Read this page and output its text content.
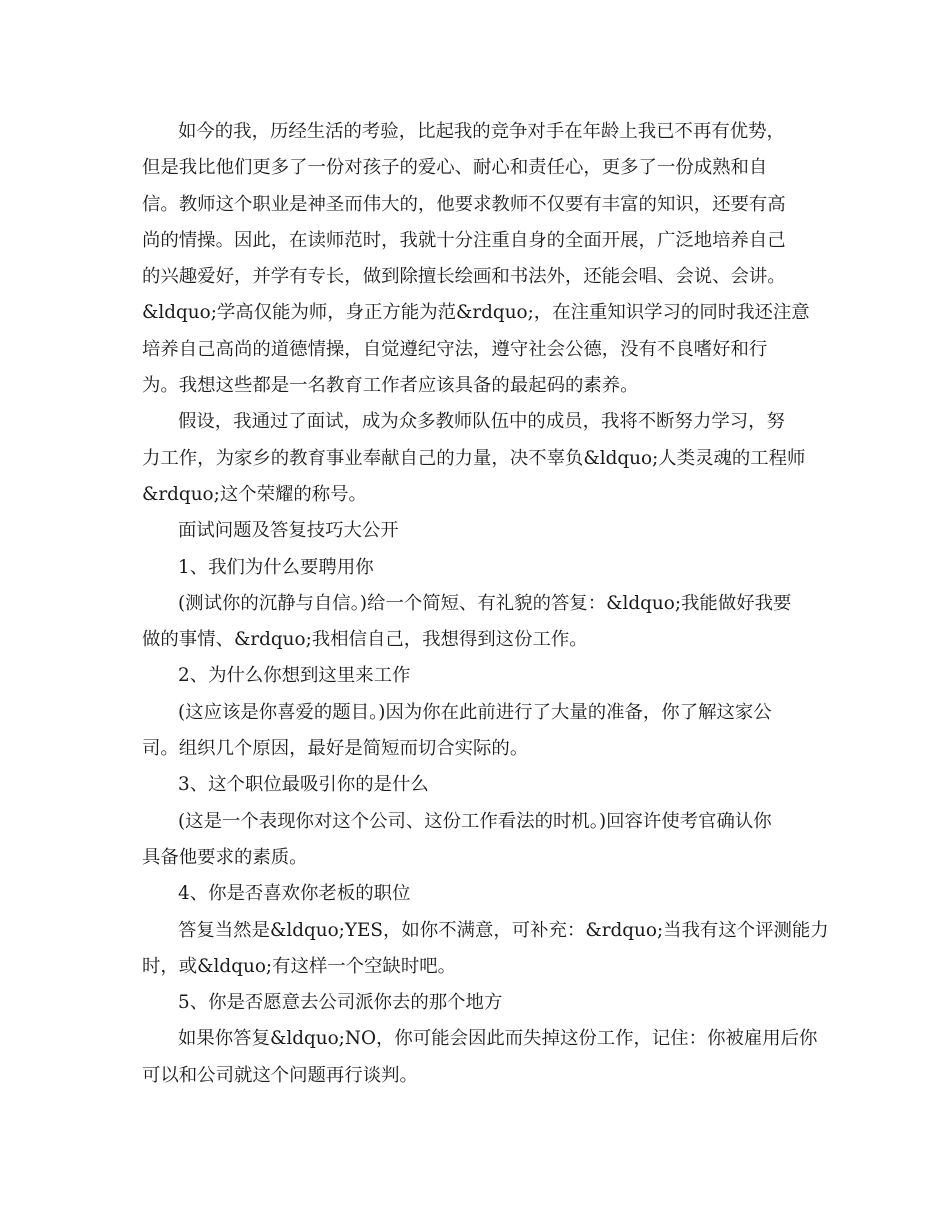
如今的我，历经生活的考验，比起我的竞争对手在年龄上我已不再有优势，
但是我比他们更多了一份对孩子的爱心、耐心和责任心，更多了一份成熟和自
信。教师这个职业是神圣而伟大的，他要求教师不仅要有丰富的知识，还要有高
尚的情操。因此，在读师范时，我就十分注重自身的全面开展，广泛地培养自己
的兴趣爱好，并学有专长，做到除擅长绘画和书法外，还能会唱、会说、会讲。
&ldquo;学高仅能为师，身正方能为范&rdquo;，在注重知识学习的同时我还注意
培养自己高尚的道德情操，自觉遵纪守法，遵守社会公德，没有不良嗜好和行
为。我想这些都是一名教育工作者应该具备的最起码的素养。
假设，我通过了面试，成为众多教师队伍中的成员，我将不断努力学习，努
力工作，为家乡的教育事业奉献自己的力量，决不辜负&ldquo;人类灵魂的工程师
&rdquo;这个荣耀的称号。
面试问题及答复技巧大公开
1、我们为什么要聘用你
(测试你的沉静与自信。)给一个简短、有礼貌的答复：&ldquo;我能做好我要
做的事情、&rdquo;我相信自己，我想得到这份工作。
2、为什么你想到这里来工作
(这应该是你喜爱的题目。)因为你在此前进行了大量的准备，你了解这家公
司。组织几个原因，最好是简短而切合实际的。
3、这个职位最吸引你的是什么
(这是一个表现你对这个公司、这份工作看法的时机。)回容许使考官确认你
具备他要求的素质。
4、你是否喜欢你老板的职位
答复当然是&ldquo;YES，如你不满意，可补充：&rdquo;当我有这个评测能力
时，或&ldquo;有这样一个空缺时吧。
5、你是否愿意去公司派你去的那个地方
如果你答复&ldquo;NO，你可能会因此而失掉这份工作，记住：你被雇用后你
可以和公司就这个问题再行谈判。
